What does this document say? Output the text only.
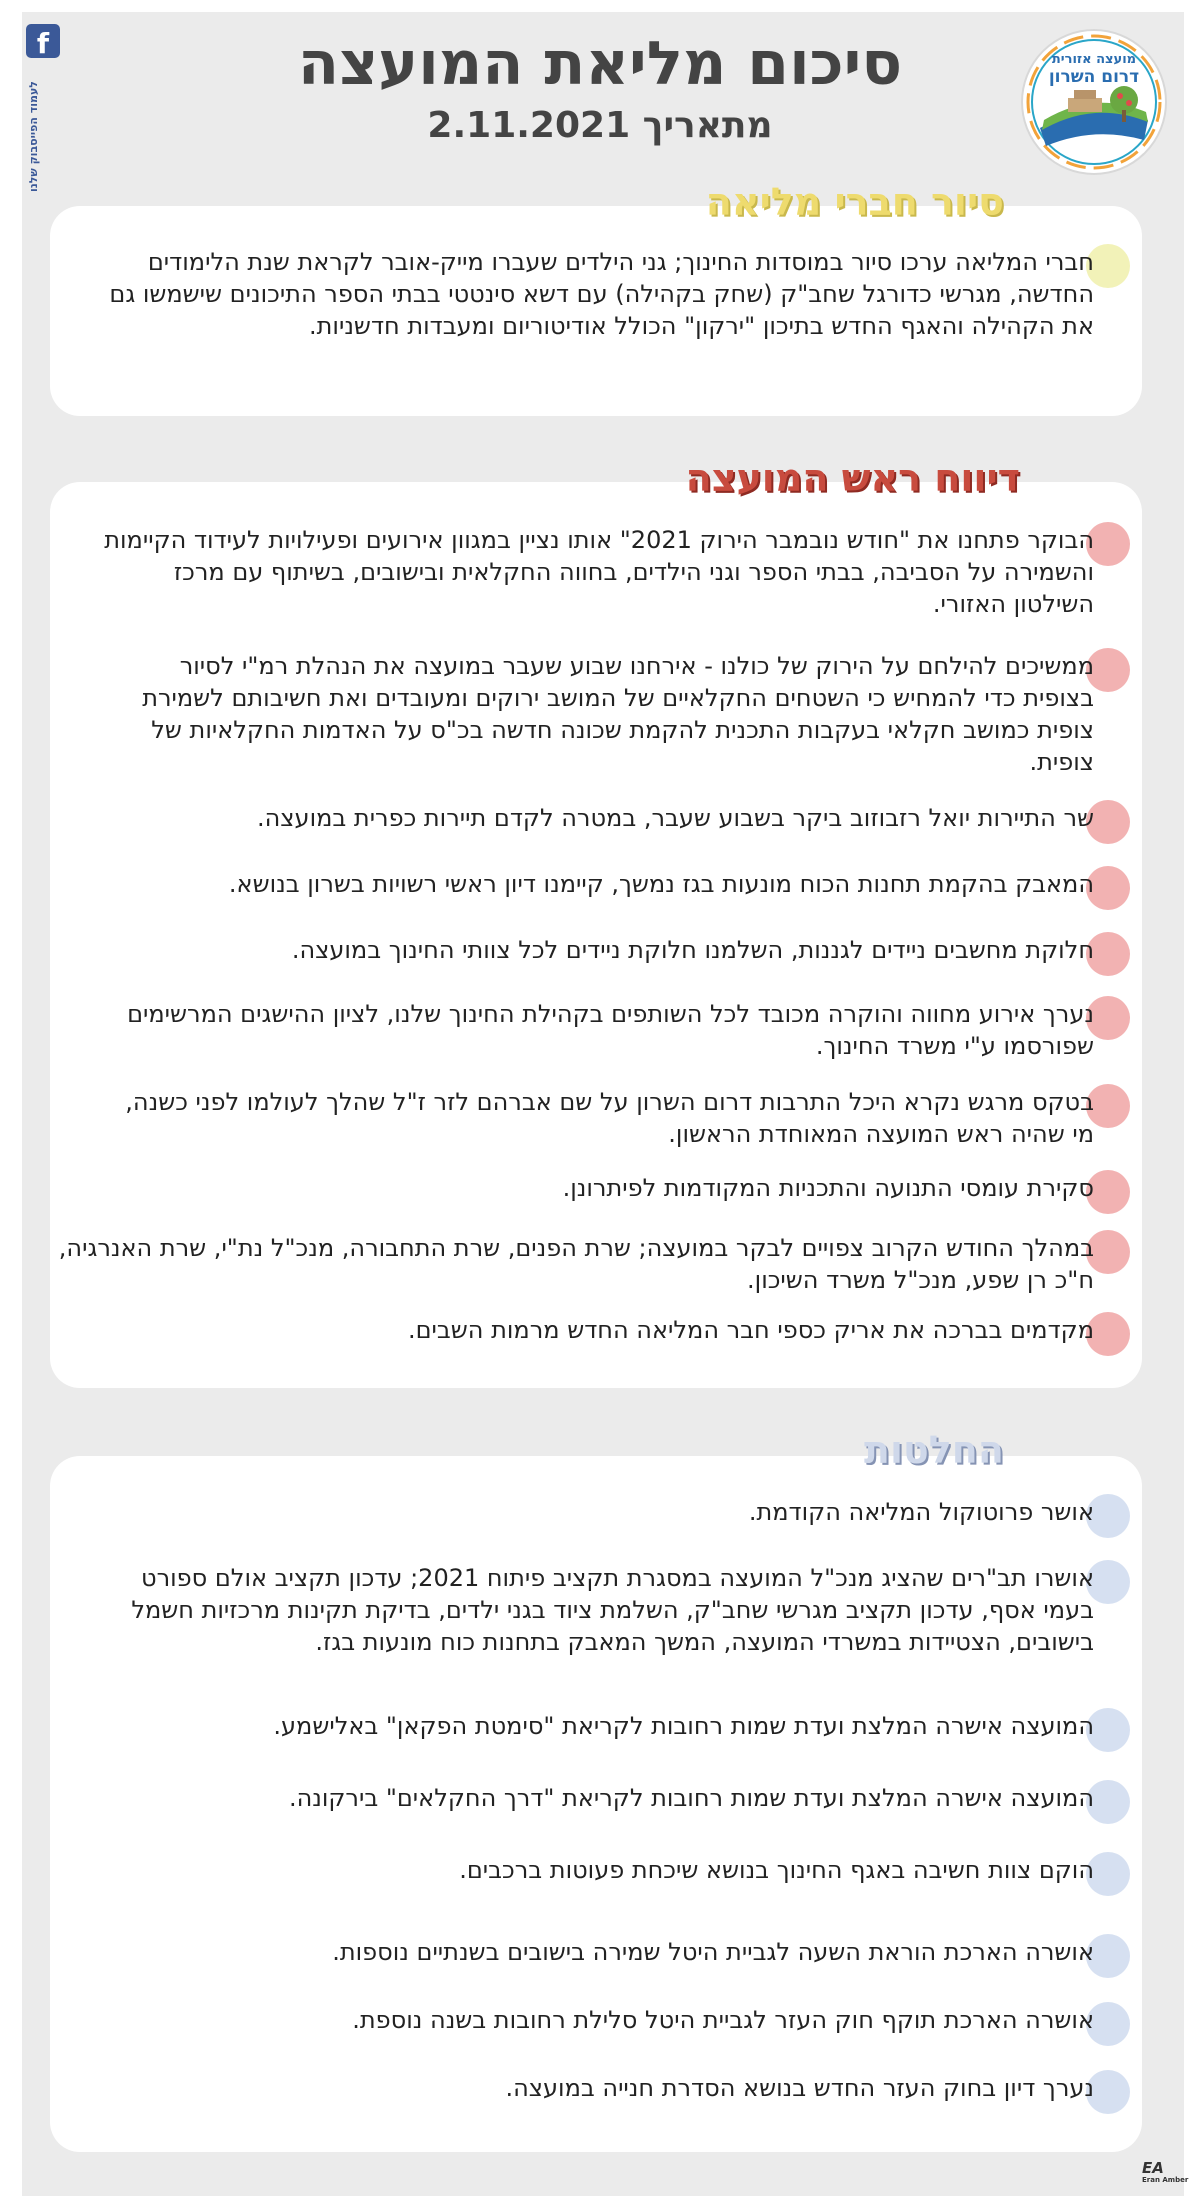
f
לעמוד הפייסבוק שלנו
מועצה אזורית
דרום השרון
סיכום מליאת המועצה
מתאריך 2.11.2021

חברי המליאה ערכו סיור במוסדות החינוך; גני הילדים שעברו מייק-אובר לקראת שנת הלימודים החדשה, מגרשי כדורגל שחב"ק (שחק בקהילה) עם דשא סינטטי בבתי הספר התיכונים שישמשו גם את הקהילה והאגף החדש בתיכון "ירקון" הכולל אודיטוריום ומעבדות חדשניות.

סיור חברי מליאה

הבוקר פתחנו את "חודש נובמבר הירוק 2021" אותו נציין במגוון אירועים ופעילויות לעידוד הקיימות והשמירה על הסביבה, בבתי הספר וגני הילדים, בחווה החקלאית ובישובים, בשיתוף עם מרכז השילטון האזורי.

ממשיכים להילחם על הירוק של כולנו - אירחנו שבוע שעבר במועצה את הנהלת רמ"י לסיור בצופית כדי להמחיש כי השטחים החקלאיים של המושב ירוקים ומעובדים ואת חשיבותם לשמירת צופית כמושב חקלאי בעקבות התכנית להקמת שכונה חדשה בכ"ס על האדמות החקלאיות של צופית.

שר התיירות יואל רזבוזוב ביקר בשבוע שעבר, במטרה לקדם תיירות כפרית במועצה.

המאבק בהקמת תחנות הכוח מונעות בגז נמשך, קיימנו דיון ראשי רשויות בשרון בנושא.

חלוקת מחשבים ניידים לגננות, השלמנו חלוקת ניידים לכל צוותי החינוך במועצה.

נערך אירוע מחווה והוקרה מכובד לכל השותפים בקהילת החינוך שלנו, לציון ההישגים המרשימים שפורסמו ע"י משרד החינוך.

בטקס מרגש נקרא היכל התרבות דרום השרון על שם אברהם לזר ז"ל שהלך לעולמו לפני כשנה, מי שהיה ראש המועצה המאוחדת הראשון.

סקירת עומסי התנועה והתכניות המקודמות לפיתרונן.

במהלך החודש הקרוב צפויים לבקר במועצה; שרת הפנים, שרת התחבורה, מנכ"ל נת"י, שרת האנרגיה, ח"כ רן שפע, מנכ"ל משרד השיכון.

מקדמים בברכה את אריק כספי חבר המליאה החדש מרמות השבים.

דיווח ראש המועצה

אושר פרוטוקול המליאה הקודמת.

אושרו תב"רים שהציג מנכ"ל המועצה במסגרת תקציב פיתוח 2021; עדכון תקציב אולם ספורט בעמי אסף, עדכון תקציב מגרשי שחב"ק, השלמת ציוד בגני ילדים, בדיקת תקינות מרכזיות חשמל בישובים, הצטיידות במשרדי המועצה, המשך המאבק בתחנות כוח מונעות בגז.

המועצה אישרה המלצת ועדת שמות רחובות לקריאת "סימטת הפקאן" באלישמע.

המועצה אישרה המלצת ועדת שמות רחובות לקריאת "דרך החקלאים" בירקונה.

הוקם צוות חשיבה באגף החינוך בנושא שיכחת פעוטות ברכבים.

אושרה הארכת הוראת השעה לגביית היטל שמירה בישובים בשנתיים נוספות.

אושרה הארכת תוקף חוק העזר לגביית היטל סלילת רחובות בשנה נוספת.

נערך דיון בחוק העזר החדש בנושא הסדרת חנייה במועצה.

החלטות
EA
Eran Amber
